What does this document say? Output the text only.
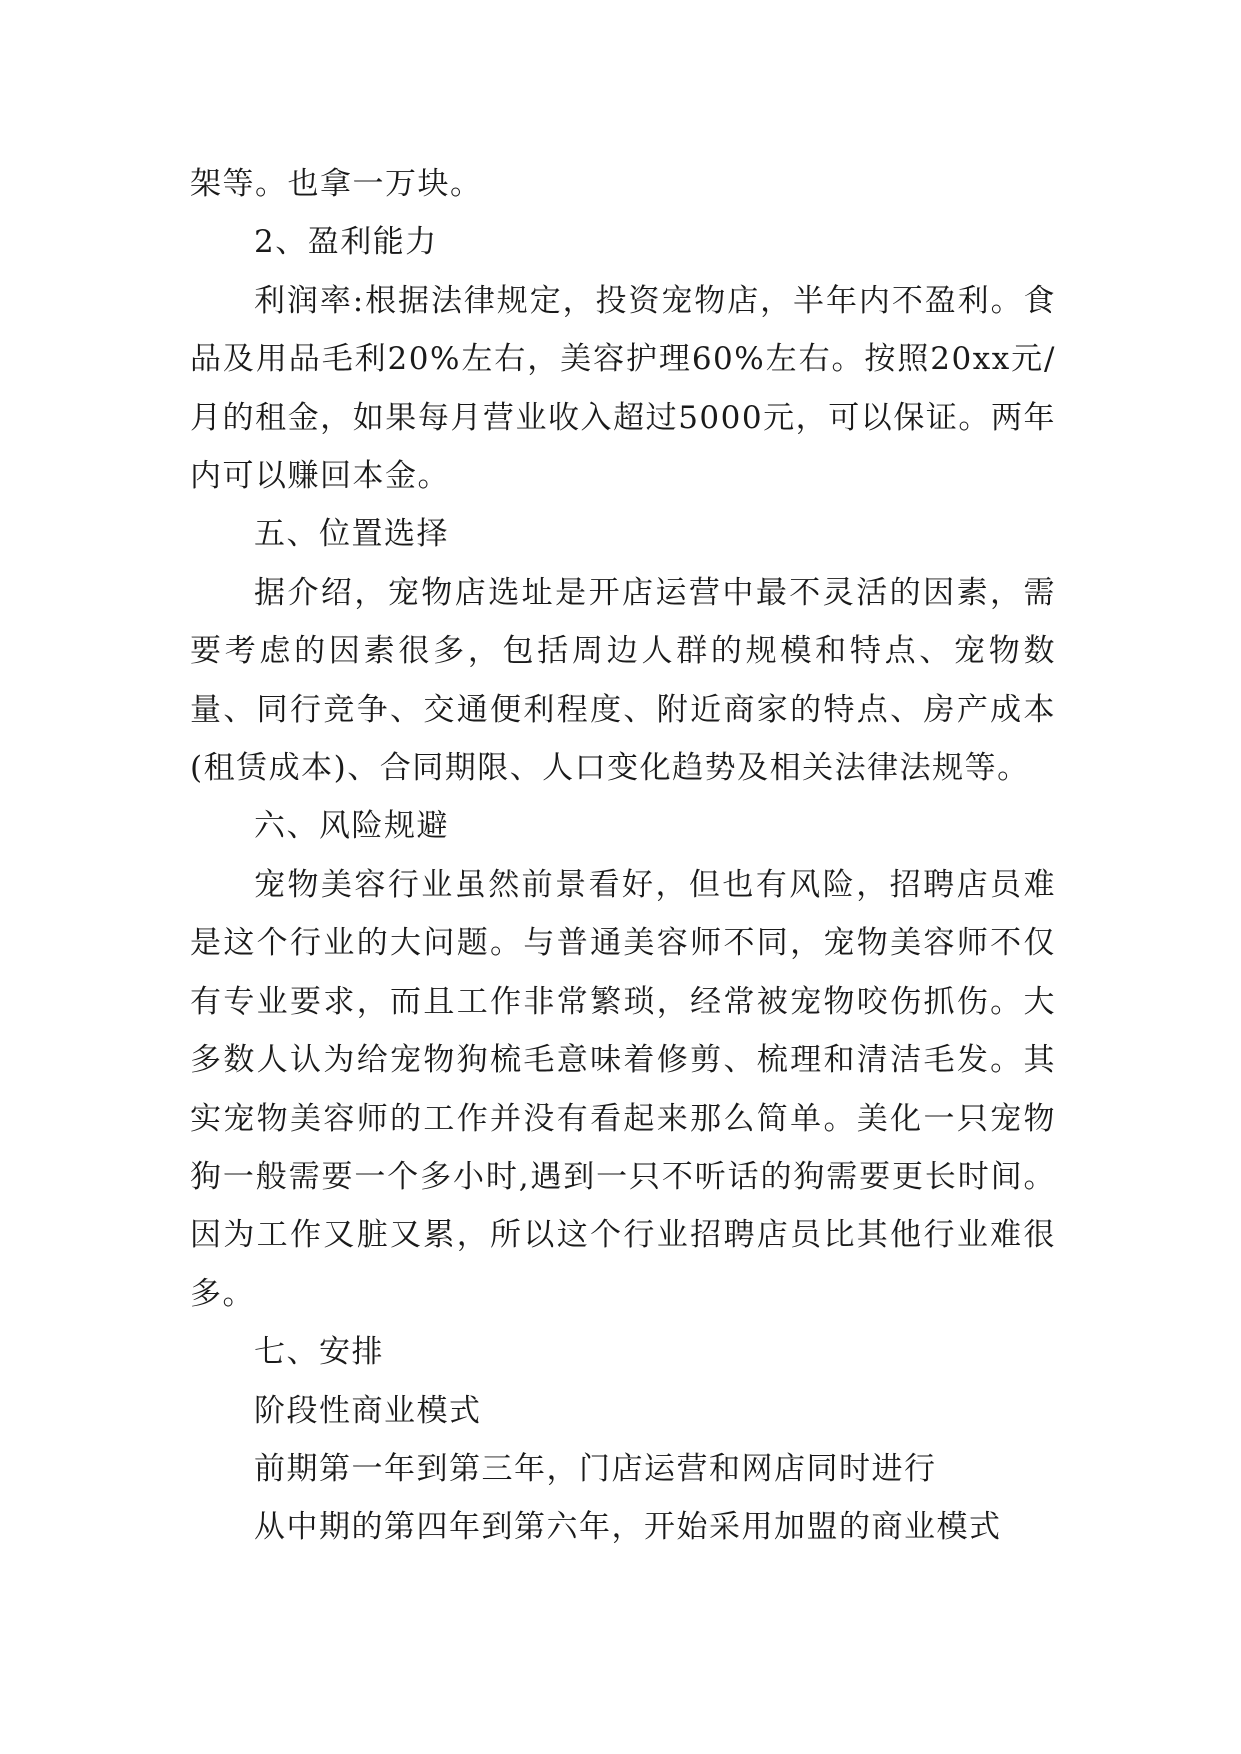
架等。也拿一万块。

2、盈利能力

利润率:根据法律规定，投资宠物店，半年内不盈利。食品及用品毛利20%左右，美容护理60%左右。按照20xx元/月的租金，如果每月营业收入超过5000元，可以保证。两年内可以赚回本金。

五、位置选择

据介绍，宠物店选址是开店运营中最不灵活的因素，需要考虑的因素很多，包括周边人群的规模和特点、宠物数量、同行竞争、交通便利程度、附近商家的特点、房产成本(租赁成本)、合同期限、人口变化趋势及相关法律法规等。

六、风险规避

宠物美容行业虽然前景看好，但也有风险，招聘店员难是这个行业的大问题。与普通美容师不同，宠物美容师不仅有专业要求，而且工作非常繁琐，经常被宠物咬伤抓伤。大多数人认为给宠物狗梳毛意味着修剪、梳理和清洁毛发。其实宠物美容师的工作并没有看起来那么简单。美化一只宠物狗一般需要一个多小时,遇到一只不听话的狗需要更长时间。因为工作又脏又累，所以这个行业招聘店员比其他行业难很多。

七、安排

阶段性商业模式

前期第一年到第三年，门店运营和网店同时进行

从中期的第四年到第六年，开始采用加盟的商业模式
